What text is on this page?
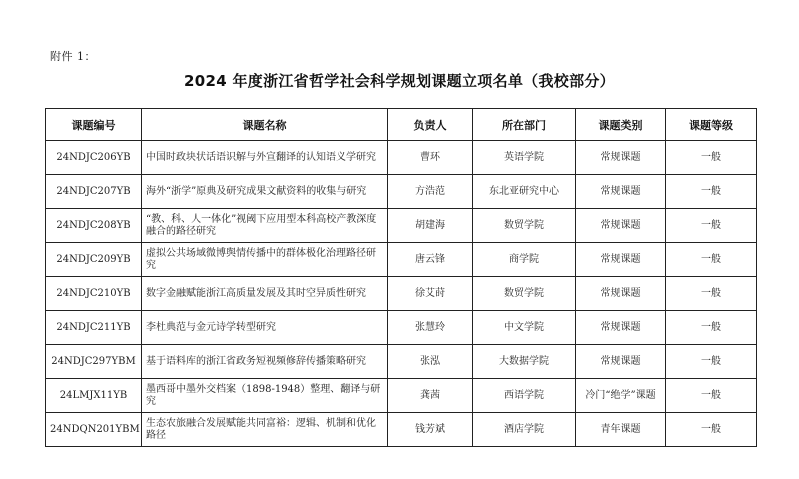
附件 1：
2024 年度浙江省哲学社会科学规划课题立项名单（我校部分）
课题编号	课题名称	负责人	所在部门	课题类别	课题等级
24NDJC206YB	中国时政块状话语识解与外宣翻译的认知语义学研究	曹环	英语学院	常规课题	一般
24NDJC207YB	海外“浙学”原典及研究成果文献资料的收集与研究	方浩范	东北亚研究中心	常规课题	一般
24NDJC208YB	“教、科、人一体化”视阈下应用型本科高校产教深度融合的路径研究	胡建海	数贸学院	常规课题	一般
24NDJC209YB	虚拟公共场域微博舆情传播中的群体极化治理路径研究	唐云锋	商学院	常规课题	一般
24NDJC210YB	数字金融赋能浙江高质量发展及其时空异质性研究	徐艾莳	数贸学院	常规课题	一般
24NDJC211YB	李杜典范与金元诗学转型研究	张慧玲	中文学院	常规课题	一般
24NDJC297YBM	基于语料库的浙江省政务短视频修辞传播策略研究	张泓	大数据学院	常规课题	一般
24LMJX11YB	墨西哥中墨外交档案（1898-1948）整理、翻译与研究	龚茜	西语学院	冷门“绝学”课题	一般
24NDQN201YBM	生态农旅融合发展赋能共同富裕：逻辑、机制和优化路径	钱芳斌	酒店学院	青年课题	一般
